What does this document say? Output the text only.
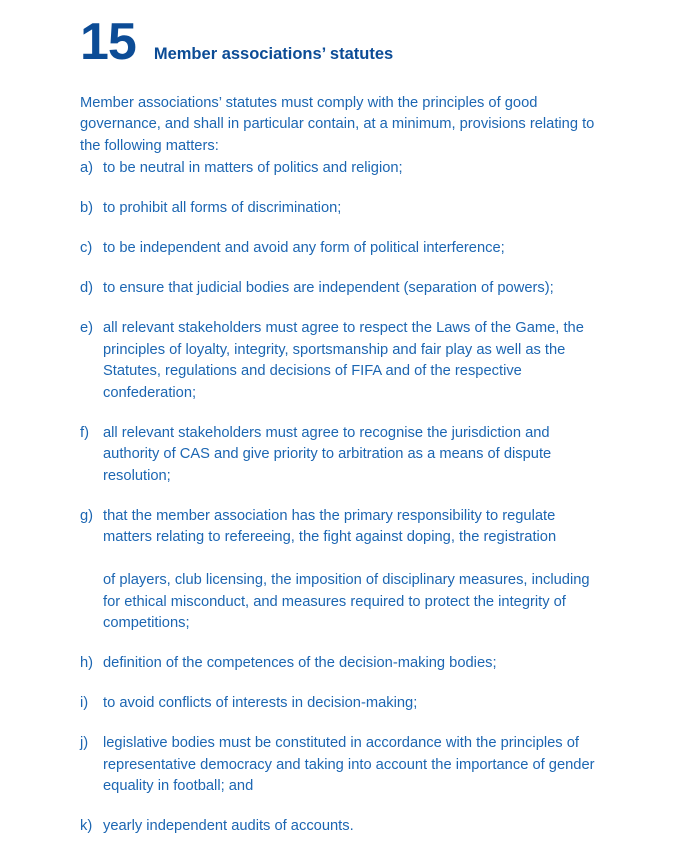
15 Member associations’ statutes

Member associations’ statutes must comply with the principles of good governance, and shall in particular contain, at a minimum, provisions relating to the following matters:

a) to be neutral in matters of politics and religion;
b) to prohibit all forms of discrimination;
c) to be independent and avoid any form of political interference;
d) to ensure that judicial bodies are independent (separation of powers);
e) all relevant stakeholders must agree to respect the Laws of the Game, the principles of loyalty, integrity, sportsmanship and fair play as well as the Statutes, regulations and decisions of FIFA and of the respective confederation;
f) all relevant stakeholders must agree to recognise the jurisdiction and authority of CAS and give priority to arbitration as a means of dispute resolution;
g) that the member association has the primary responsibility to regulate matters relating to refereeing, the fight against doping, the registration
of players, club licensing, the imposition of disciplinary measures, including for ethical misconduct, and measures required to protect the integrity of competitions;
h) definition of the competences of the decision-making bodies;
i)	to avoid conflicts of interests in decision-making;
j)	legislative bodies must be constituted in accordance with the principles of representative democracy and taking into account the importance of gender equality in football; and
k) yearly independent audits of accounts.
